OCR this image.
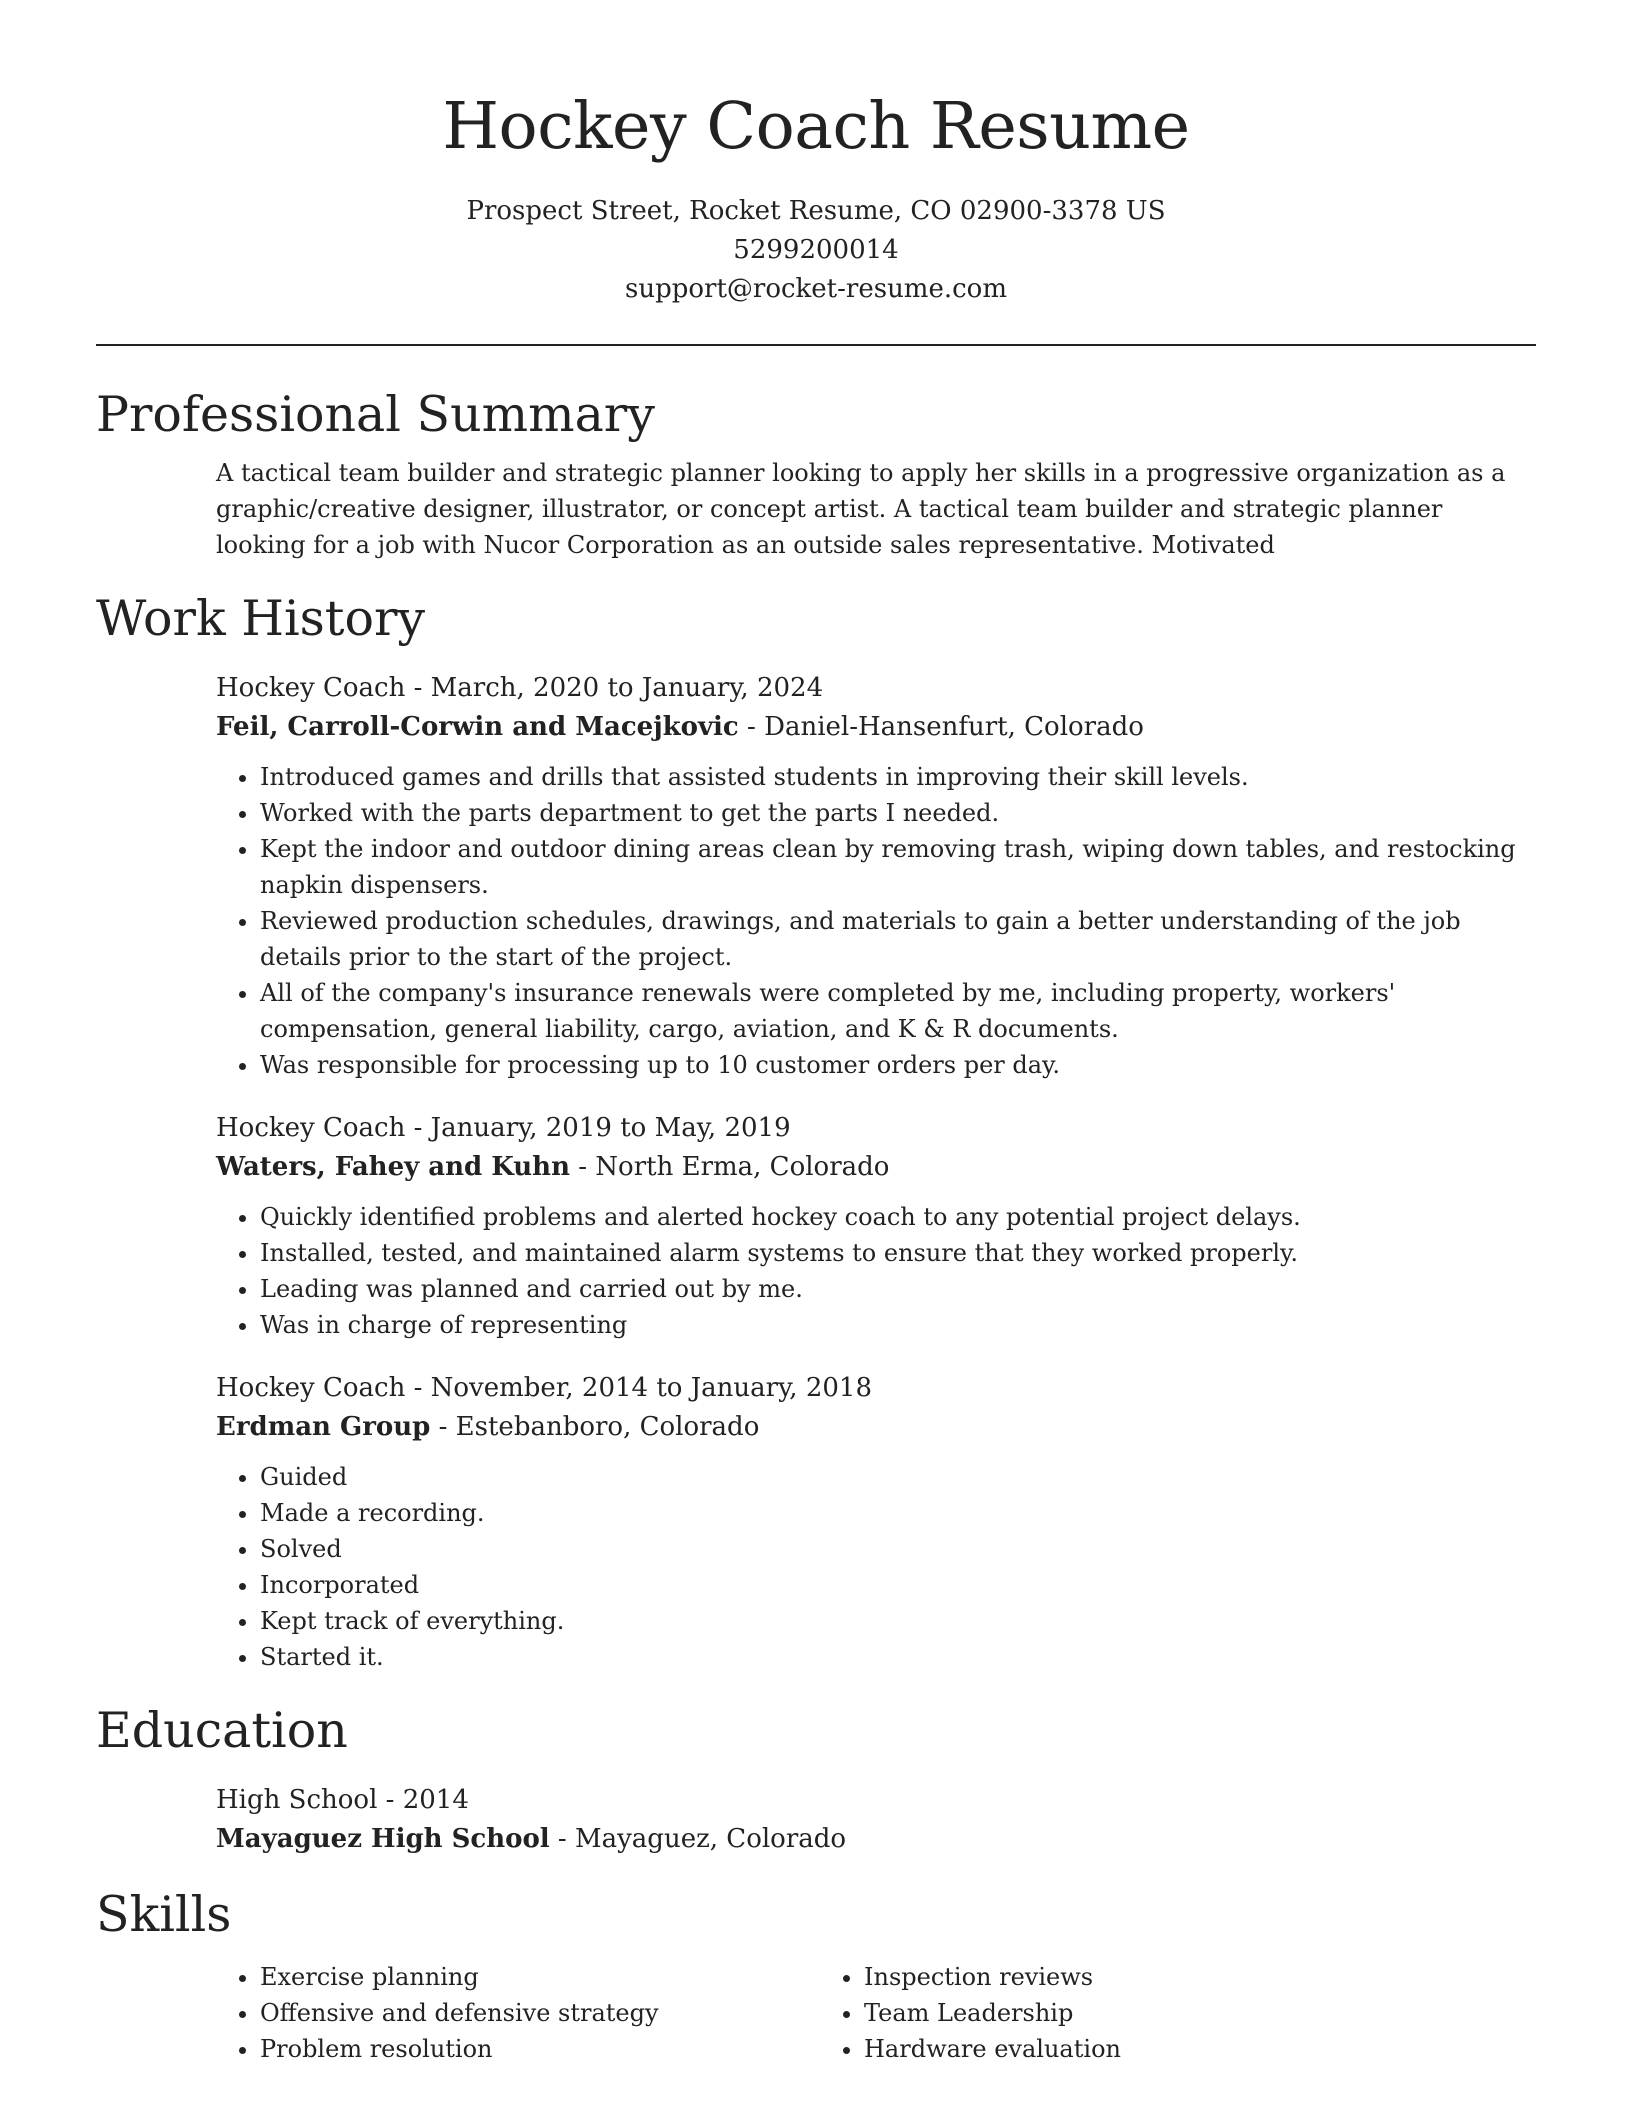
Hockey Coach Resume
Prospect Street, Rocket Resume, CO 02900-3378 US
5299200014
support@rocket-resume.com
Professional Summary
A tactical team builder and strategic planner looking to apply her skills in a progressive organization as a graphic/creative designer, illustrator, or concept artist. A tactical team builder and strategic planner looking for a job with Nucor Corporation as an outside sales representative. Motivated
Work History
Hockey Coach - March, 2020 to January, 2024
Feil, Carroll-Corwin and Macejkovic - Daniel-Hansenfurt, Colorado
• Introduced games and drills that assisted students in improving their skill levels.
• Worked with the parts department to get the parts I needed.
• Kept the indoor and outdoor dining areas clean by removing trash, wiping down tables, and restocking napkin dispensers.
• Reviewed production schedules, drawings, and materials to gain a better understanding of the job details prior to the start of the project.
• All of the company's insurance renewals were completed by me, including property, workers' compensation, general liability, cargo, aviation, and K & R documents.
• Was responsible for processing up to 10 customer orders per day.
Hockey Coach - January, 2019 to May, 2019
Waters, Fahey and Kuhn - North Erma, Colorado
• Quickly identified problems and alerted hockey coach to any potential project delays.
• Installed, tested, and maintained alarm systems to ensure that they worked properly.
• Leading was planned and carried out by me.
• Was in charge of representing
Hockey Coach - November, 2014 to January, 2018
Erdman Group - Estebanboro, Colorado
• Guided
• Made a recording.
• Solved
• Incorporated
• Kept track of everything.
• Started it.
Education
High School - 2014
Mayaguez High School - Mayaguez, Colorado
Skills
• Exercise planning
• Offensive and defensive strategy
• Problem resolution
• Inspection reviews
• Team Leadership
• Hardware evaluation
